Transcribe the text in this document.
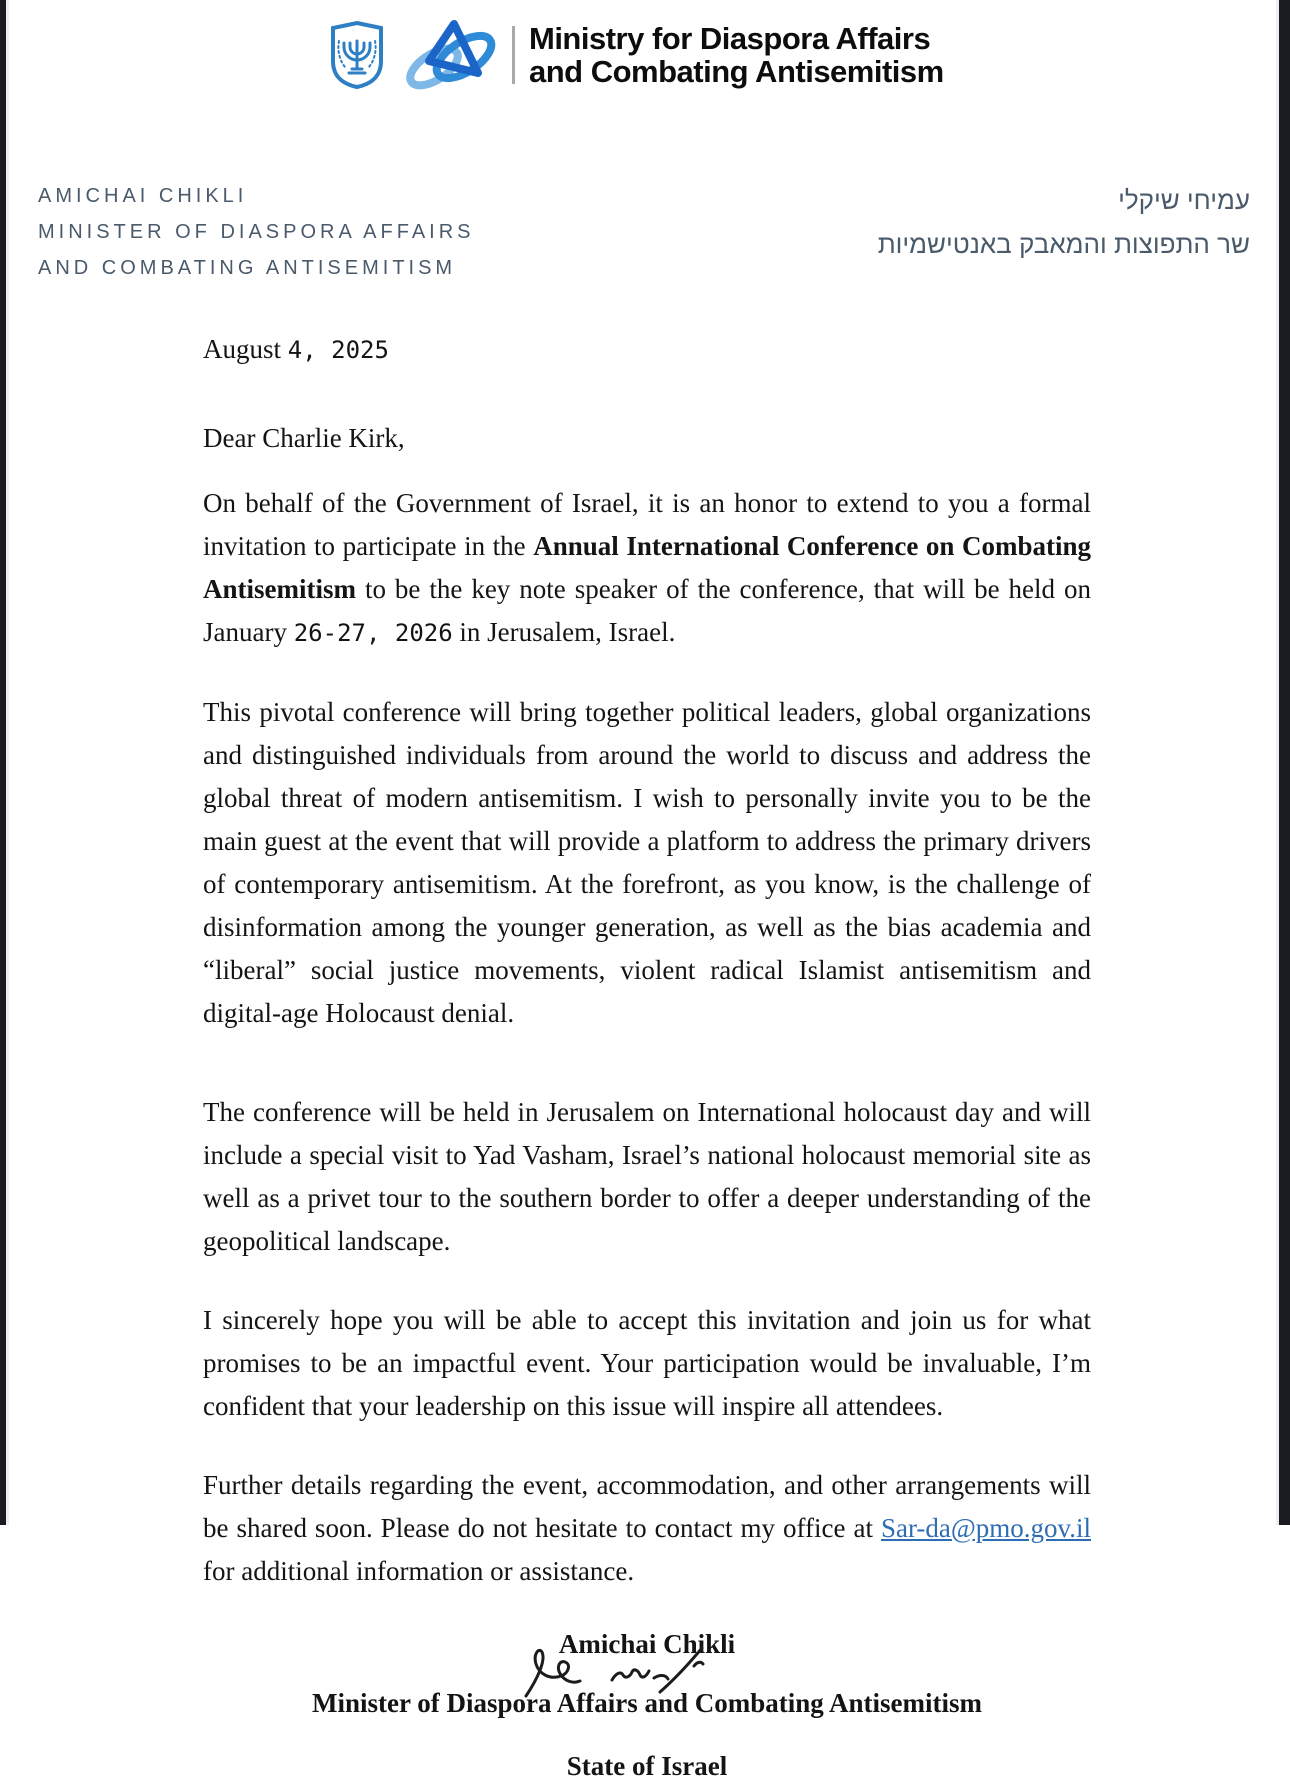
Ministry for Diaspora Affairs
and Combating Antisemitism
AMICHAI CHIKLI
MINISTER OF DIASPORA AFFAIRS
AND COMBATING ANTISEMITISM
עמיחי שיקלי
שר התפוצות והמאבק באנטישמיות
August 4, 2025
Dear Charlie Kirk,

On behalf of the Government of Israel, it is an honor to extend to you a formal invitation to participate in the Annual International Conference on Combating Antisemitism to be the key note speaker of the conference, that will be held on January 26-27, 2026 in Jerusalem, Israel.

This pivotal conference will bring together political leaders, global organizations and distinguished individuals from around the world to discuss and address the global threat of modern antisemitism. I wish to personally invite you to be the main guest at the event that will provide a platform to address the primary drivers of contemporary antisemitism. At the forefront, as you know, is the challenge of disinformation among the younger generation, as well as the bias academia and “liberal” social justice movements, violent radical Islamist antisemitism and digital-age Holocaust denial.

The conference will be held in Jerusalem on International holocaust day and will include a special visit to Yad Vasham, Israel’s national holocaust memorial site as well as a privet tour to the southern border to offer a deeper understanding of the geopolitical landscape.

I sincerely hope you will be able to accept this invitation and join us for what promises to be an impactful event. Your participation would be invaluable, I’m confident that your leadership on this issue will inspire all attendees.

Further details regarding the event, accommodation, and other arrangements will be shared soon. Please do not hesitate to contact my office at Sar-da@pmo.gov.il for additional information or assistance.

Amichai Chikli
Minister of Diaspora Affairs and Combating Antisemitism
State of Israel
